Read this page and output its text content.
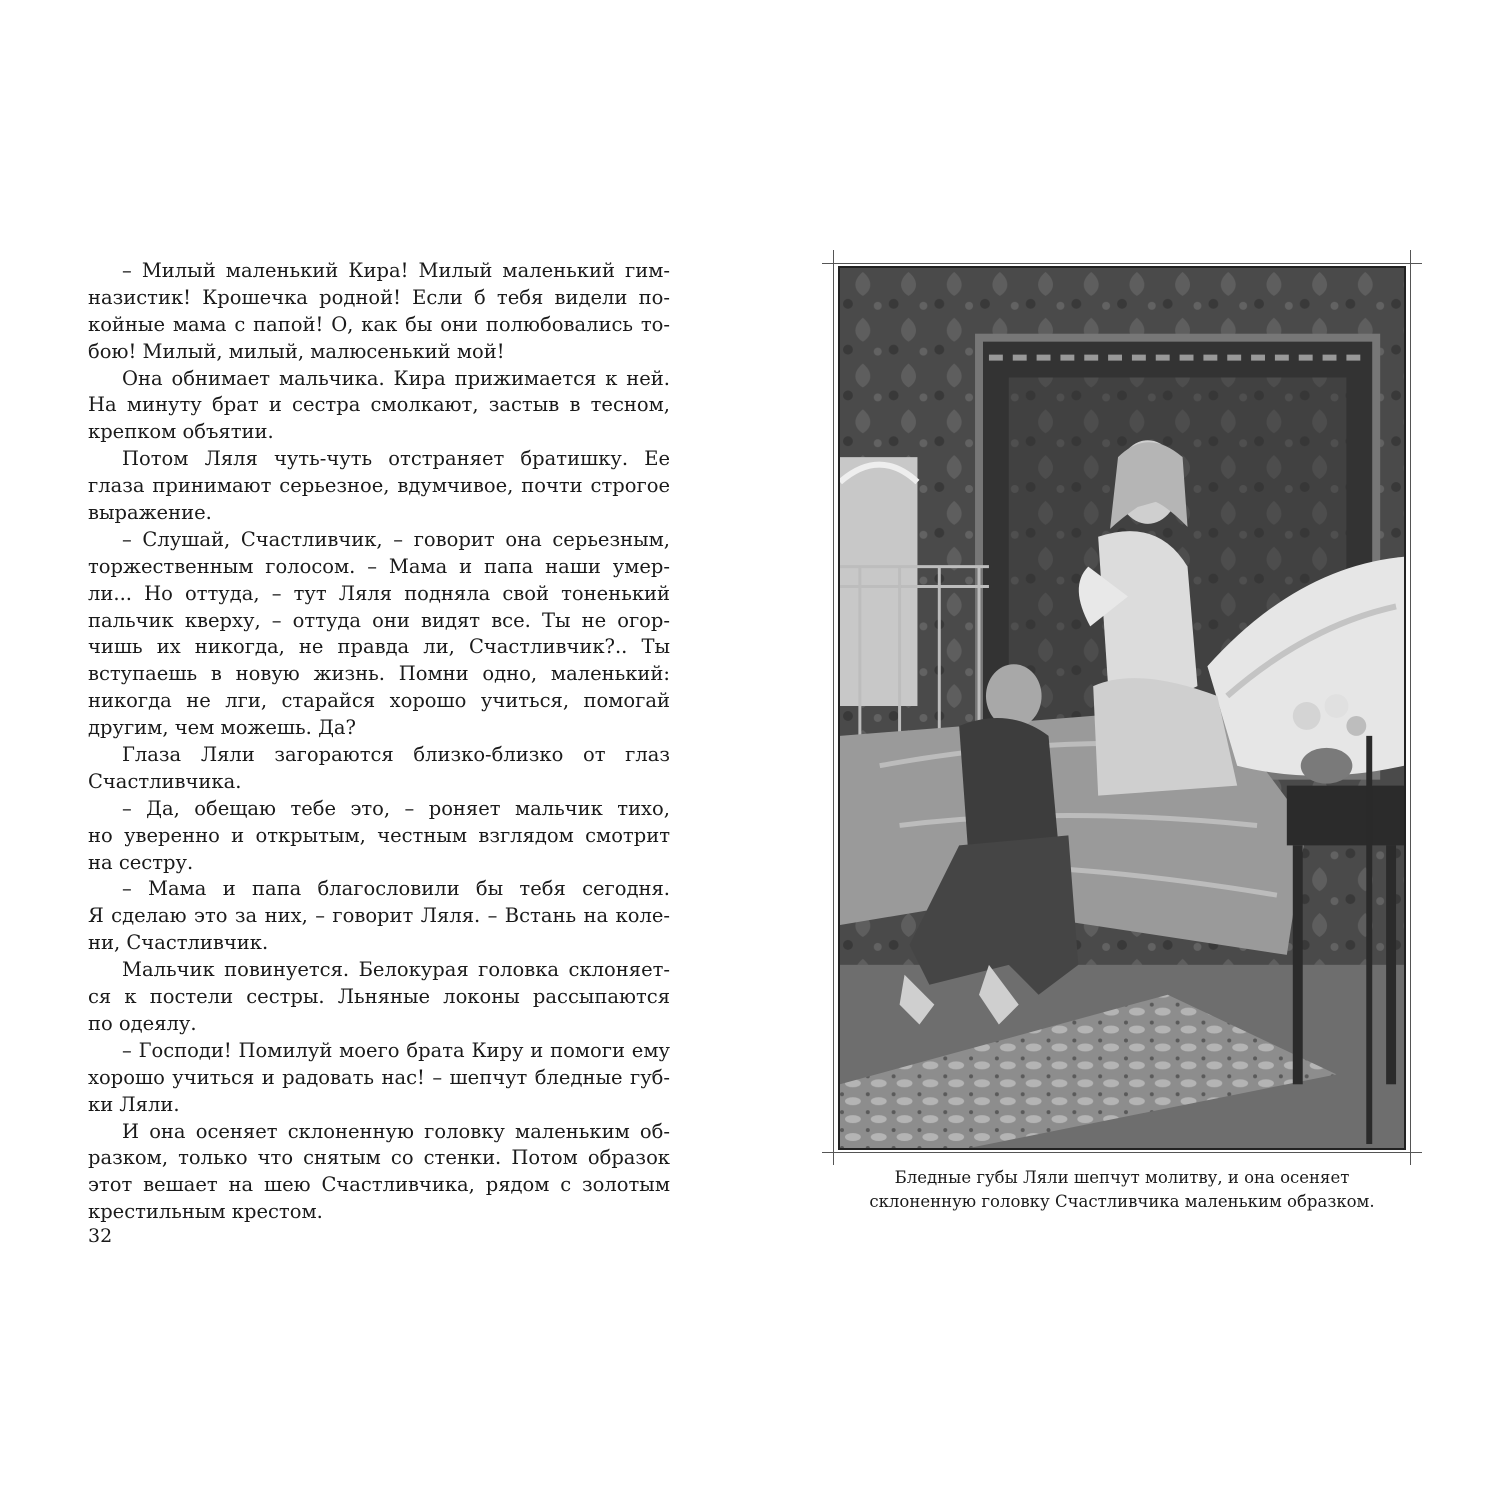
– Милый маленький Кира! Милый маленький гим-
назистик! Крошечка родной! Если б тебя видели по-
койные мама с папой! О, как бы они полюбовались то-
бою! Милый, милый, малюсенький мой!
Она обнимает мальчика. Кира прижимается к ней.
На минуту брат и сестра смолкают, застыв в тесном,
крепком объятии.
Потом Ляля чуть-чуть отстраняет братишку. Ее
глаза принимают серьезное, вдумчивое, почти строгое
выражение.
– Слушай, Счастливчик, – говорит она серьезным,
торжественным голосом. – Мама и папа наши умер-
ли... Но оттуда, – тут Ляля подняла свой тоненький
пальчик кверху, – оттуда они видят все. Ты не огор-
чишь их никогда, не правда ли, Счастливчик?.. Ты
вступаешь в новую жизнь. Помни одно, маленький:
никогда не лги, старайся хорошо учиться, помогай
другим, чем можешь. Да?
Глаза Ляли загораются близко-близко от глаз
Счастливчика.
– Да, обещаю тебе это, – роняет мальчик тихо,
но уверенно и открытым, честным взглядом смотрит
на сестру.
– Мама и папа благословили бы тебя сегодня.
Я сделаю это за них, – говорит Ляля. – Встань на коле-
ни, Счастливчик.
Мальчик повинуется. Белокурая головка склоняет-
ся к постели сестры. Льняные локоны рассыпаются
по одеялу.
– Господи! Помилуй моего брата Киру и помоги ему
хорошо учиться и радовать нас! – шепчут бледные губ-
ки Ляли.
И она осеняет склоненную головку маленьким об-
разком, только что снятым со стенки. Потом образок
этот вешает на шею Счастливчика, рядом с золотым
крестильным крестом.
32
Бледные губы Ляли шепчут молитву, и она осеняет
склоненную головку Счастливчика маленьким образком.
